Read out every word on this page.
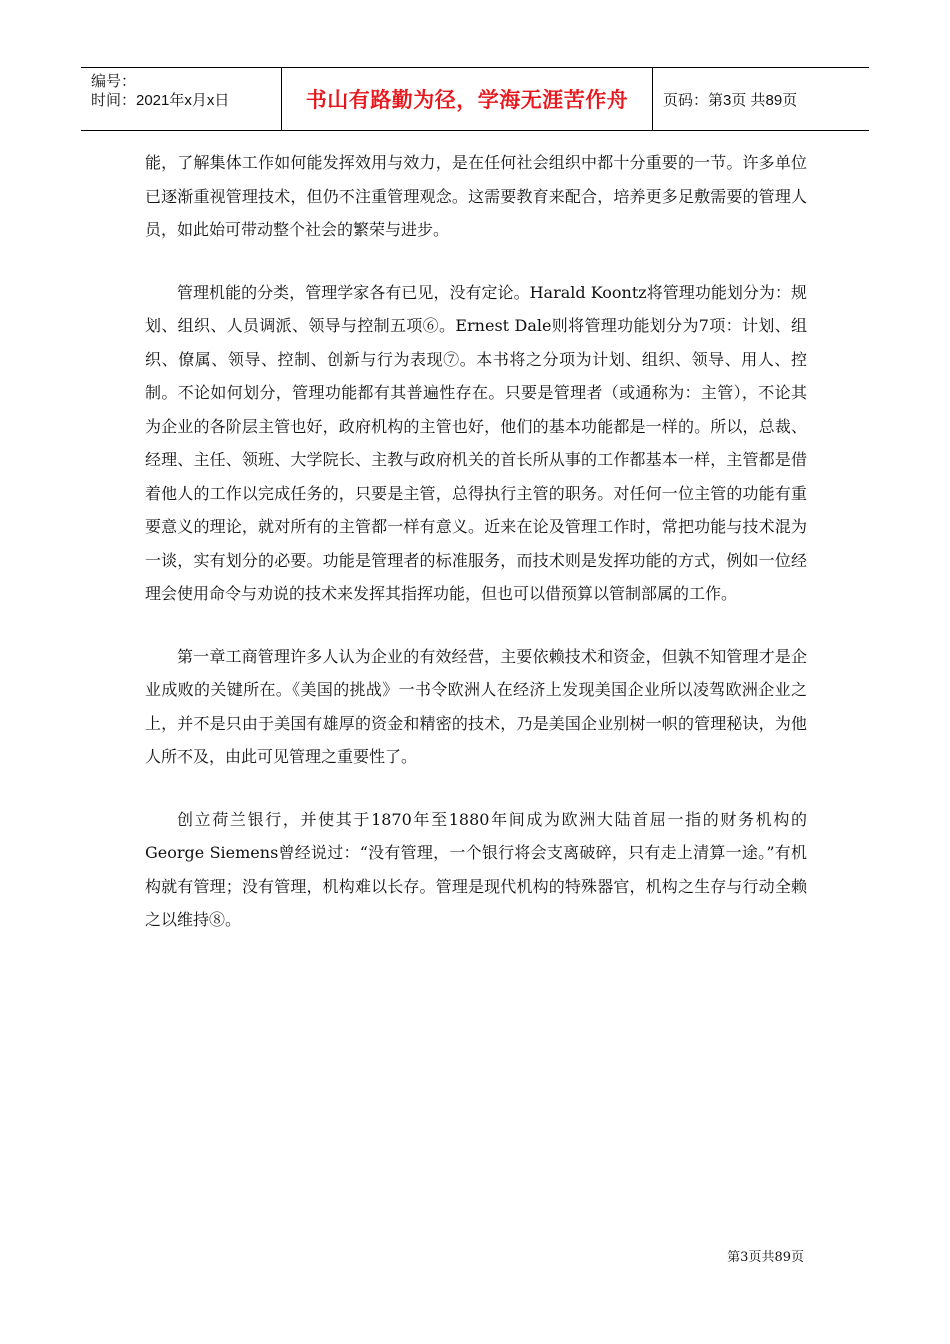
编号：
时间：2021年x月x日	书山有路勤为径，学海无涯苦作舟	页码：第3页 共89页

能，了解集体工作如何能发挥效用与效力，是在任何社会组织中都十分重要的一节。许多单位已逐渐重视管理技术，但仍不注重管理观念。这需要教育来配合，培养更多足敷需要的管理人员，如此始可带动整个社会的繁荣与进步。

管理机能的分类，管理学家各有已见，没有定论。Harald Koontz将管理功能划分为：规划、组织、人员调派、领导与控制五项⑥。Ernest Dale则将管理功能划分为7项：计划、组织、僚属、领导、控制、创新与行为表现⑦。本书将之分项为计划、组织、领导、用人、控制。不论如何划分，管理功能都有其普遍性存在。只要是管理者（或通称为：主管），不论其为企业的各阶层主管也好，政府机构的主管也好，他们的基本功能都是一样的。所以，总裁、经理、主任、领班、大学院长、主教与政府机关的首长所从事的工作都基本一样，主管都是借着他人的工作以完成任务的，只要是主管，总得执行主管的职务。对任何一位主管的功能有重要意义的理论，就对所有的主管都一样有意义。近来在论及管理工作时，常把功能与技术混为一谈，实有划分的必要。功能是管理者的标准服务，而技术则是发挥功能的方式，例如一位经理会使用命令与劝说的技术来发挥其指挥功能，但也可以借预算以管制部属的工作。

第一章工商管理许多人认为企业的有效经营，主要依赖技术和资金，但孰不知管理才是企业成败的关键所在。《美国的挑战》一书令欧洲人在经济上发现美国企业所以凌驾欧洲企业之上，并不是只由于美国有雄厚的资金和精密的技术，乃是美国企业别树一帜的管理秘诀，为他人所不及，由此可见管理之重要性了。

创立荷兰银行，并使其于1870年至1880年间成为欧洲大陆首屈一指的财务机构的George Siemens曾经说过：“没有管理，一个银行将会支离破碎，只有走上清算一途。”有机构就有管理；没有管理，机构难以长存。管理是现代机构的特殊器官，机构之生存与行动全赖之以维持⑧。

第3页共89页
